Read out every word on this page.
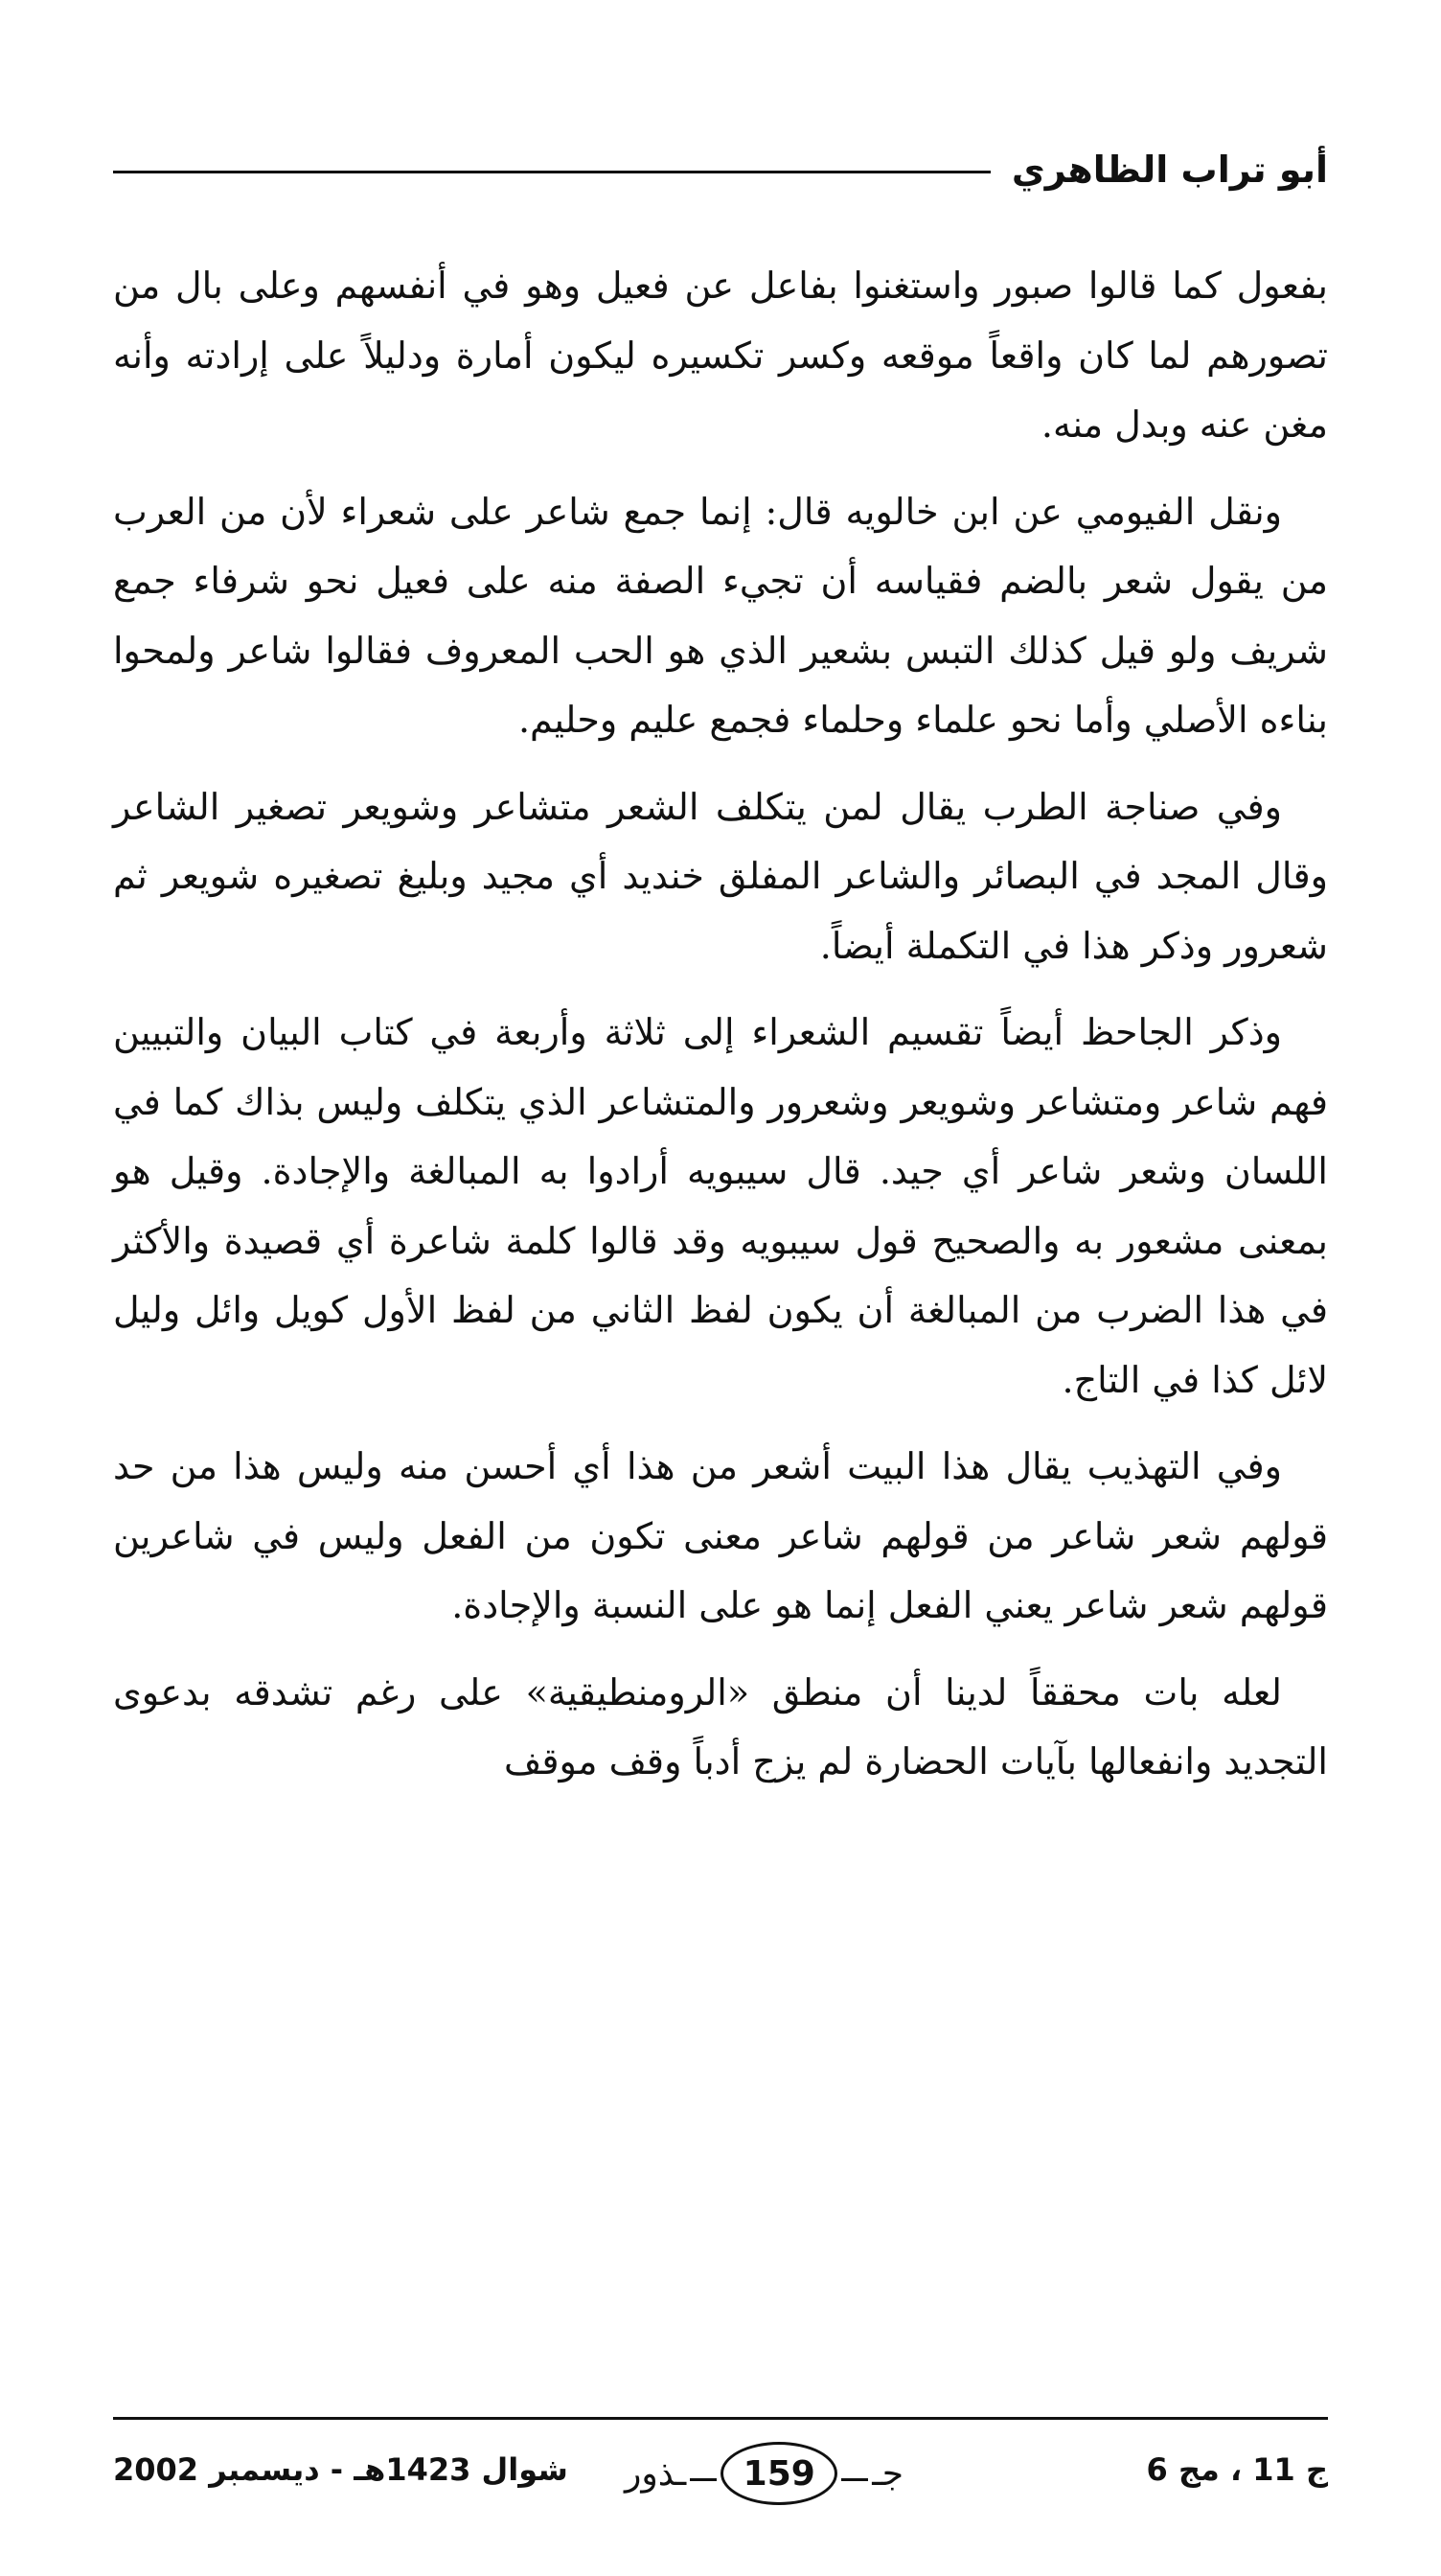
أبو تراب الظاهري

بفعول كما قالوا صبور واستغنوا بفاعل عن فعيل وهو في أنفسهم وعلى بال من تصورهم لما كان واقعاً موقعه وكسر تكسيره ليكون أمارة ودليلاً على إرادته وأنه مغن عنه وبدل منه.

ونقل الفيومي عن ابن خالويه قال: إنما جمع شاعر على شعراء لأن من العرب من يقول شعر بالضم فقياسه أن تجيء الصفة منه على فعيل نحو شرفاء جمع شريف ولو قيل كذلك التبس بشعير الذي هو الحب المعروف فقالوا شاعر ولمحوا بناءه الأصلي وأما نحو علماء وحلماء فجمع عليم وحليم.

وفي صناجة الطرب يقال لمن يتكلف الشعر متشاعر وشويعر تصغير الشاعر وقال المجد في البصائر والشاعر المفلق خنديد أي مجيد وبليغ تصغيره شويعر ثم شعرور وذكر هذا في التكملة أيضاً.

وذكر الجاحظ أيضاً تقسيم الشعراء إلى ثلاثة وأربعة في كتاب البيان والتبيين فهم شاعر ومتشاعر وشويعر وشعرور والمتشاعر الذي يتكلف وليس بذاك كما في اللسان وشعر شاعر أي جيد. قال سيبويه أرادوا به المبالغة والإجادة. وقيل هو بمعنى مشعور به والصحيح قول سيبويه وقد قالوا كلمة شاعرة أي قصيدة والأكثر في هذا الضرب من المبالغة أن يكون لفظ الثاني من لفظ الأول كويل وائل وليل لائل كذا في التاج.

وفي التهذيب يقال هذا البيت أشعر من هذا أي أحسن منه وليس هذا من حد قولهم شعر شاعر من قولهم شاعر معنى تكون من الفعل وليس في شاعرين قولهم شعر شاعر يعني الفعل إنما هو على النسبة والإجادة.

لعله بات محققاً لدينا أن منطق «الرومنطيقية» على رغم تشدقه بدعوى التجديد وانفعالها بآيات الحضارة لم يزج أدباً وقف موقف

شوال 1423هـ - ديسمبر 2002 ـذور	159	جـ	ج 11 ، مج 6
